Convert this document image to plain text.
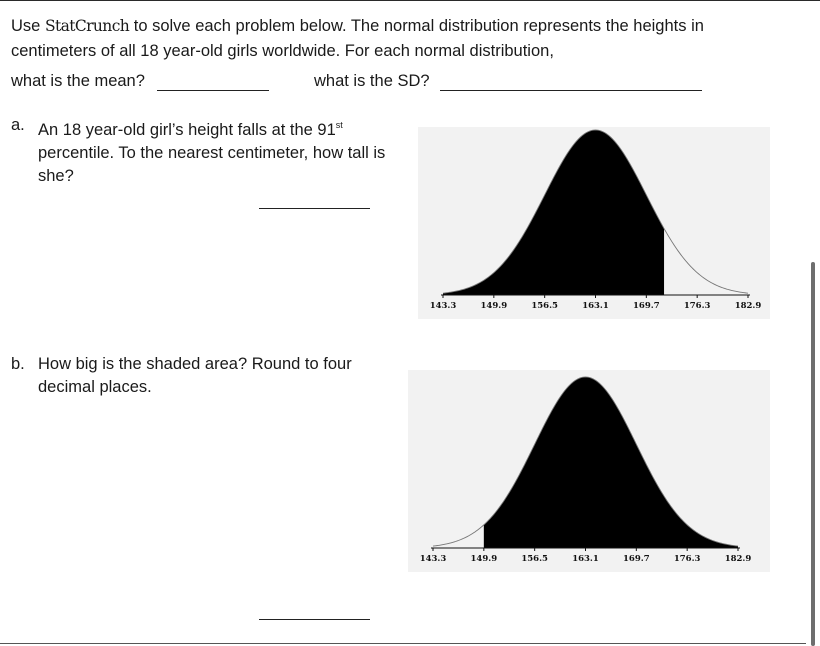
Use StatCrunch to solve each problem below. The normal distribution represents the heights in centimeters of all 18 year-old girls worldwide. For each normal distribution,
what is the mean?	what is the SD?
a. An 18 year-old girl’s height falls at the 91st percentile. To the nearest centimeter, how tall is she?
143.3	149.9	156.5	163.1	169.7	176.3	182.9
b. How big is the shaded area? Round to four decimal places.
143.3	149.9	156.5	163.1	169.7	176.3	182.9
